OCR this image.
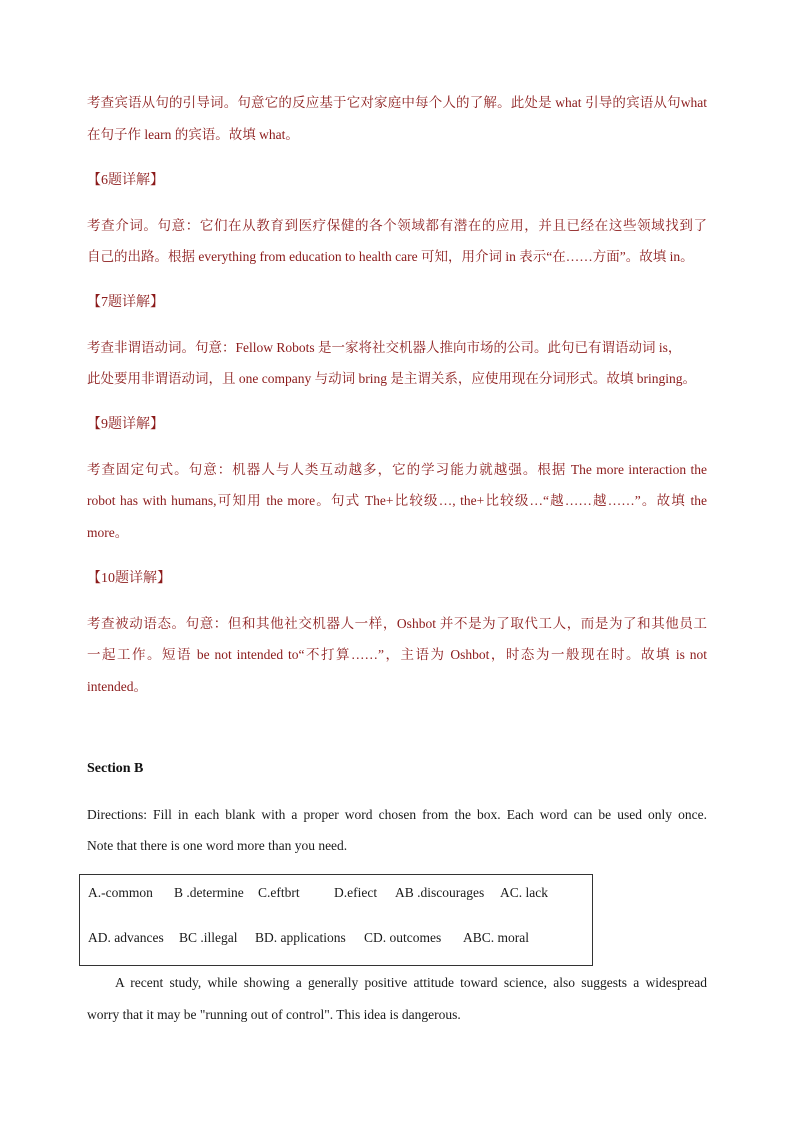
考查宾语从句的引导词。句意它的反应基于它对家庭中每个人的了解。此处是 what 引导的宾语从句what
在句子作 learn 的宾语。故填 what。
【6题详解】
考查介词。句意：它们在从教育到医疗保健的各个领域都有潜在的应用，并且已经在这些领域找到了
自己的出路。根据 everything from education to health care 可知，用介词 in 表示“在……方面”。故填 in。
【7题详解】
考查非谓语动词。句意：Fellow Robots 是一家将社交机器人推向市场的公司。此句已有谓语动词 is，
此处要用非谓语动词，且 one company 与动词 bring 是主谓关系，应使用现在分词形式。故填 bringing。
【9题详解】
考查固定句式。句意：机器人与人类互动越多，它的学习能力就越强。根据 The more interaction the
robot has with humans,可知用 the more。句式 The+比较级…, the+比较级…“越……越……”。故填 the
more。
【10题详解】
考查被动语态。句意：但和其他社交机器人一样，Oshbot 并不是为了取代工人，而是为了和其他员工
一起工作。短语 be not intended to“不打算……”，主语为 Oshbot，时态为一般现在时。故填 is not
intended。
Section B
Directions: Fill in each blank with a proper word chosen from the box. Each word can be used only once.
Note that there is one word more than you need.
A.-common B .determine C.eftbrt	D.efiect AB .discourages AC. lack
AD. advances BC .illegal BD. applications CD. outcomes ABC. moral
A recent study, while showing a generally positive attitude toward science, also suggests a widespread
worry that it may be "running out of control". This idea is dangerous.
